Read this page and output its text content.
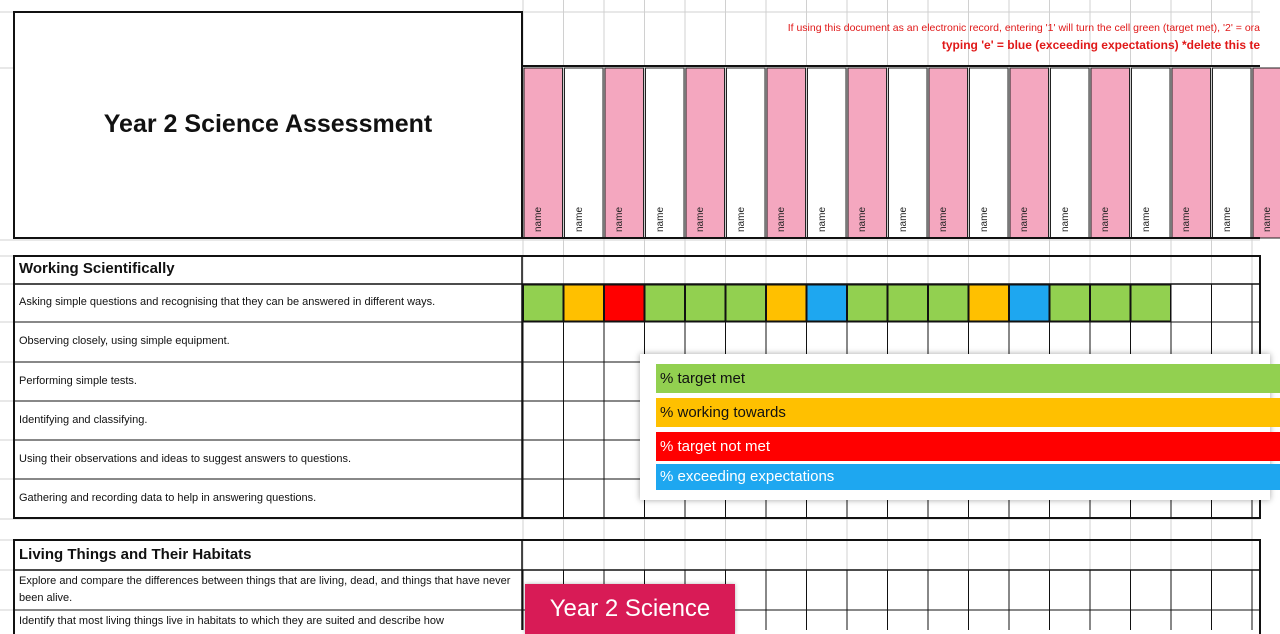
Year 2 Science Assessment
If using this document as an electronic record, entering '1' will turn the cell green (target met), '2' = ora
typing 'e' = blue (exceeding expectations) *delete this te
name	name	name	name	name	name	name	name	name	name	name	name	name	name	name	name	name	name	name
Working Scientifically
Asking simple questions and recognising that they can be answered in different ways.
Observing closely, using simple equipment.
Performing simple tests.
Identifying and classifying.
Using their observations and ideas to suggest answers to questions.
Gathering and recording data to help in answering questions.
Living Things and Their Habitats
Explore and compare the differences between things that are living, dead, and things that have never been alive.
Identify that most living things live in habitats to which they are suited and describe how
% target met
% working towards
% target not met
% exceeding expectations
Year 2 Science
